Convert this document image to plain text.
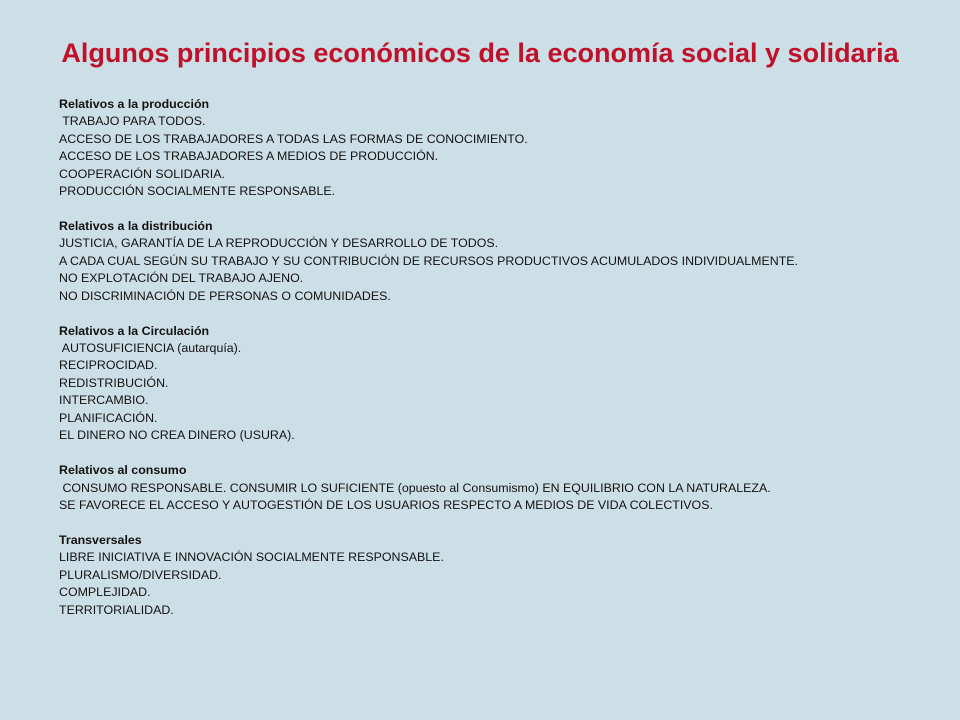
Algunos principios económicos de la economía social y solidaria

Relativos a la producción

TRABAJO PARA TODOS.

ACCESO DE LOS TRABAJADORES A TODAS LAS FORMAS DE CONOCIMIENTO.

ACCESO DE LOS TRABAJADORES A MEDIOS DE PRODUCCIÓN.

COOPERACIÓN SOLIDARIA.

PRODUCCIÓN SOCIALMENTE RESPONSABLE.

Relativos a la distribución

JUSTICIA, GARANTÍA DE LA REPRODUCCIÓN Y DESARROLLO DE TODOS.

A CADA CUAL SEGÚN SU TRABAJO Y SU CONTRIBUCIÓN DE RECURSOS PRODUCTIVOS ACUMULADOS INDIVIDUALMENTE.

NO EXPLOTACIÓN DEL TRABAJO AJENO.

NO DISCRIMINACIÓN DE PERSONAS O COMUNIDADES.

Relativos a la Circulación

AUTOSUFICIENCIA (autarquía).

RECIPROCIDAD.

REDISTRIBUCIÓN.

INTERCAMBIO.

PLANIFICACIÓN.

EL DINERO NO CREA DINERO (USURA).

Relativos al consumo

CONSUMO RESPONSABLE. CONSUMIR LO SUFICIENTE (opuesto al Consumismo) EN EQUILIBRIO CON LA NATURALEZA.

SE FAVORECE EL ACCESO Y AUTOGESTIÓN DE LOS USUARIOS RESPECTO A MEDIOS DE VIDA COLECTIVOS.

Transversales

LIBRE INICIATIVA E INNOVACIÓN SOCIALMENTE RESPONSABLE.

PLURALISMO/DIVERSIDAD.

COMPLEJIDAD.

TERRITORIALIDAD.
